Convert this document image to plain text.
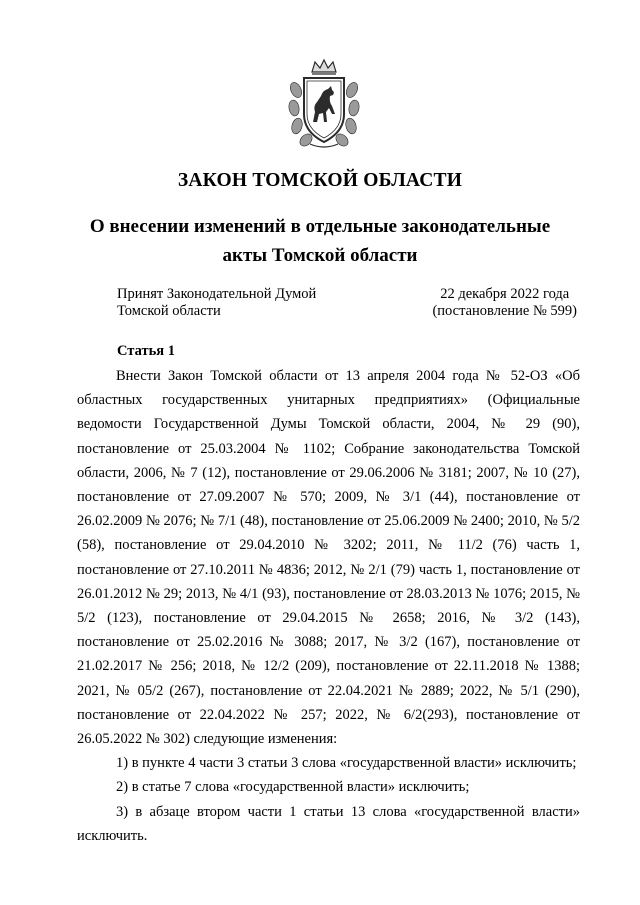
ЗАКОН ТОМСКОЙ ОБЛАСТИ
О внесении изменений в отдельные законодательные
акты Томской области
Принят Законодательной Думой
Томской области
22 декабря 2022 года
(постановление № 599)
Статья 1

Внести Закон Томской области от 13 апреля 2004 года № 52-ОЗ «Об областных государственных унитарных предприятиях» (Официальные ведомости Государственной Думы Томской области, 2004, № 29 (90), постановление от 25.03.2004 № 1102; Собрание законодательства Томской области, 2006, № 7 (12), постановление от 29.06.2006 № 3181; 2007, № 10 (27), постановление от 27.09.2007 № 570; 2009, № 3/1 (44), постановление от 26.02.2009 № 2076; № 7/1 (48), постановление от 25.06.2009 № 2400; 2010, № 5/2 (58), постановление от 29.04.2010 № 3202; 2011, № 11/2 (76) часть 1, постановление от 27.10.2011 № 4836; 2012, № 2/1 (79) часть 1, постановление от 26.01.2012 № 29; 2013, № 4/1 (93), постановление от 28.03.2013 № 1076; 2015, № 5/2 (123), постановление от 29.04.2015 № 2658; 2016, № 3/2 (143), постановление от 25.02.2016 № 3088; 2017, № 3/2 (167), постановление от 21.02.2017 № 256; 2018, № 12/2 (209), постановление от 22.11.2018 № 1388; 2021, № 05/2 (267), постановление от 22.04.2021 № 2889; 2022, № 5/1 (290), постановление от 22.04.2022 № 257; 2022, № 6/2(293), постановление от 26.05.2022 № 302) следующие изменения:

1) в пункте 4 части 3 статьи 3 слова «государственной власти» исключить;

2) в статье 7 слова «государственной власти» исключить;

3) в абзаце втором части 1 статьи 13 слова «государственной власти» исключить.
